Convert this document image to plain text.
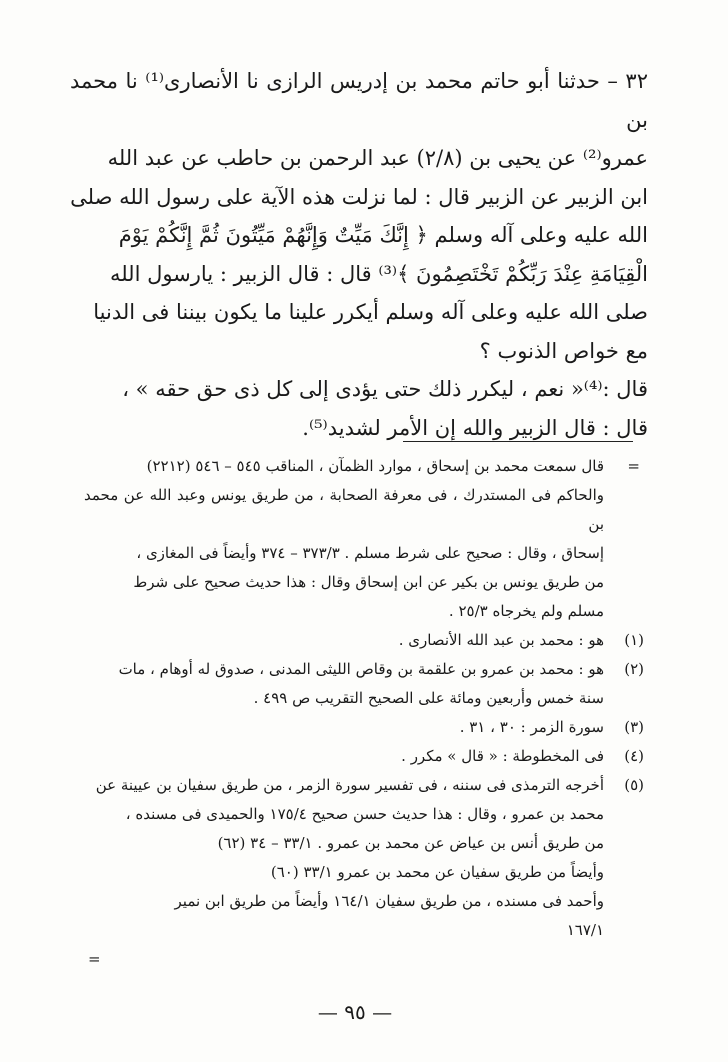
٣٢ – حدثنا أبو حاتم محمد بن إدريس الرازى نا الأنصارى⁽¹⁾ نا محمد بن
عمرو⁽²⁾ عن يحيى بن (٢/٨) عبد الرحمن بن حاطب عن عبد الله
ابن الزبير عن الزبير قال : لما نزلت هذه الآية على رسول الله صلى
الله عليه وعلى آله وسلم ﴿ إِنَّكَ مَيِّتٌ وَإِنَّهُمْ مَيِّتُونَ ثُمَّ إِنَّكُمْ يَوْمَ
الْقِيَامَةِ عِنْدَ رَبِّكُمْ تَخْتَصِمُونَ ﴾⁽³⁾ قال : قال الزبير : يارسول الله
صلى الله عليه وعلى آله وسلم أيكرر علينا ما يكون بيننا فى الدنيا
مع خواص الذنوب ؟
قال :⁽⁴⁾« نعم ، ليكرر ذلك حتى يؤدى إلى كل ذى حق حقه » ،
قال : قال الزبير والله إن الأمر لشديد⁽⁵⁾.

=
قال سمعت محمد بن إسحاق ، موارد الظمآن ، المناقب ٥٤٥ – ٥٤٦ (٢٢١٢)
والحاكم فى المستدرك ، فى معرفة الصحابة ، من طريق يونس وعبد الله عن محمد بن
إسحاق ، وقال : صحيح على شرط مسلم . ٣٧٣/٣ – ٣٧٤ وأيضاً فى المغازى ،
من طريق يونس بن بكير عن ابن إسحاق وقال : هذا حديث صحيح على شرط
مسلم ولم يخرجاه ٢٥/٣ .
(١)
هو : محمد بن عبد الله الأنصارى .
(٢)
هو : محمد بن عمرو بن علقمة بن وقاص الليثى المدنى ، صدوق له أوهام ، مات
سنة خمس وأربعين ومائة على الصحيح التقريب ص ٤٩٩ .
(٣)
سورة الزمر : ٣٠ ، ٣١ .
(٤)
فى المخطوطة : « قال » مكرر .
(٥)
أخرجه الترمذى فى سننه ، فى تفسير سورة الزمر ، من طريق سفيان بن عيينة عن
محمد بن عمرو ، وقال : هذا حديث حسن صحيح ١٧٥/٤ والحميدى فى مسنده ،
من طريق أنس بن عياض عن محمد بن عمرو . ٣٣/١ – ٣٤ (٦٢)
وأيضاً من طريق سفيان عن محمد بن عمرو ٣٣/١ (٦٠)
وأحمد فى مسنده ، من طريق سفيان ١٦٤/١ وأيضاً من طريق ابن نمير
١٦٧/١
=
— ٩٥ —
